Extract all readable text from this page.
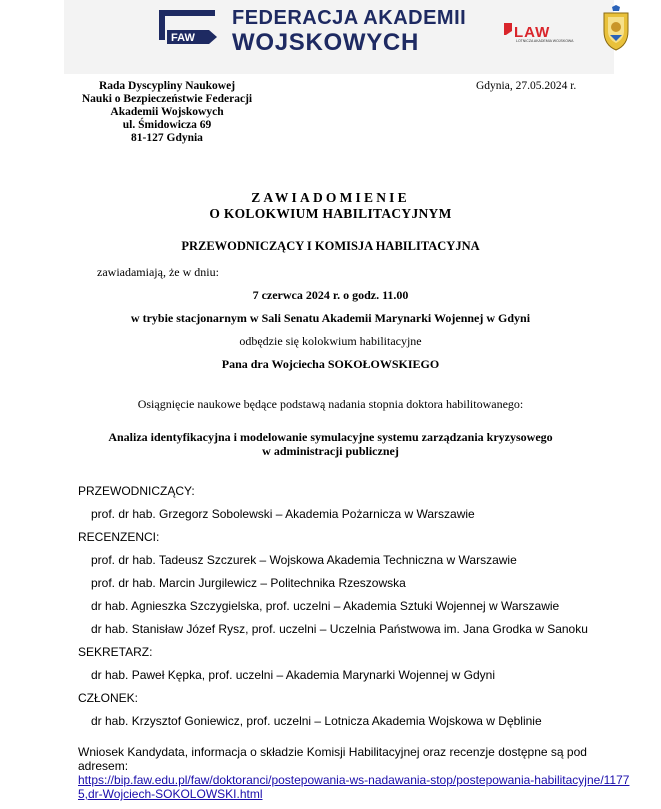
FAW
FEDERACJA AKADEMII
WOJSKOWYCH	LAW
LOTNICZA AKADEMIA WOJSKOWA
Rada Dyscypliny Naukowej
Nauki o Bezpieczeństwie Federacji
Akademii Wojskowych
ul. Śmidowicza 69
81-127 Gdynia
Gdynia, 27.05.2024 r.
ZAWIADOMIENIE
O KOLOKWIUM HABILITACYJNYM
PRZEWODNICZĄCY I KOMISJA HABILITACYJNA
zawiadamiają, że w dniu:
7 czerwca 2024 r. o godz. 11.00
w trybie stacjonarnym w Sali Senatu Akademii Marynarki Wojennej w Gdyni
odbędzie się kolokwium habilitacyjne
Pana dra Wojciecha SOKOŁOWSKIEGO
Osiągnięcie naukowe będące podstawą nadania stopnia doktora habilitowanego:
Analiza identyfikacyjna i modelowanie symulacyjne systemu zarządzania kryzysowego
w administracji publicznej
PRZEWODNICZĄCY:
prof. dr hab. Grzegorz Sobolewski – Akademia Pożarnicza w Warszawie
RECENZENCI:
prof. dr hab. Tadeusz Szczurek – Wojskowa Akademia Techniczna w Warszawie
prof. dr hab. Marcin Jurgilewicz – Politechnika Rzeszowska
dr hab. Agnieszka Szczygielska, prof. uczelni – Akademia Sztuki Wojennej w Warszawie
dr hab. Stanisław Józef Rysz, prof. uczelni – Uczelnia Państwowa im. Jana Grodka w Sanoku
SEKRETARZ:
dr hab. Paweł Kępka, prof. uczelni – Akademia Marynarki Wojennej w Gdyni
CZŁONEK:
dr hab. Krzysztof Goniewicz, prof. uczelni – Lotnicza Akademia Wojskowa w Dęblinie
Wniosek Kandydata, informacja o składzie Komisji Habilitacyjnej oraz recenzje dostępne są pod adresem:
https://bip.faw.edu.pl/faw/doktoranci/postepowania-ws-nadawania-stop/postepowania-habilitacyjne/11775,dr-Wojciech-SOKOLOWSKI.html
